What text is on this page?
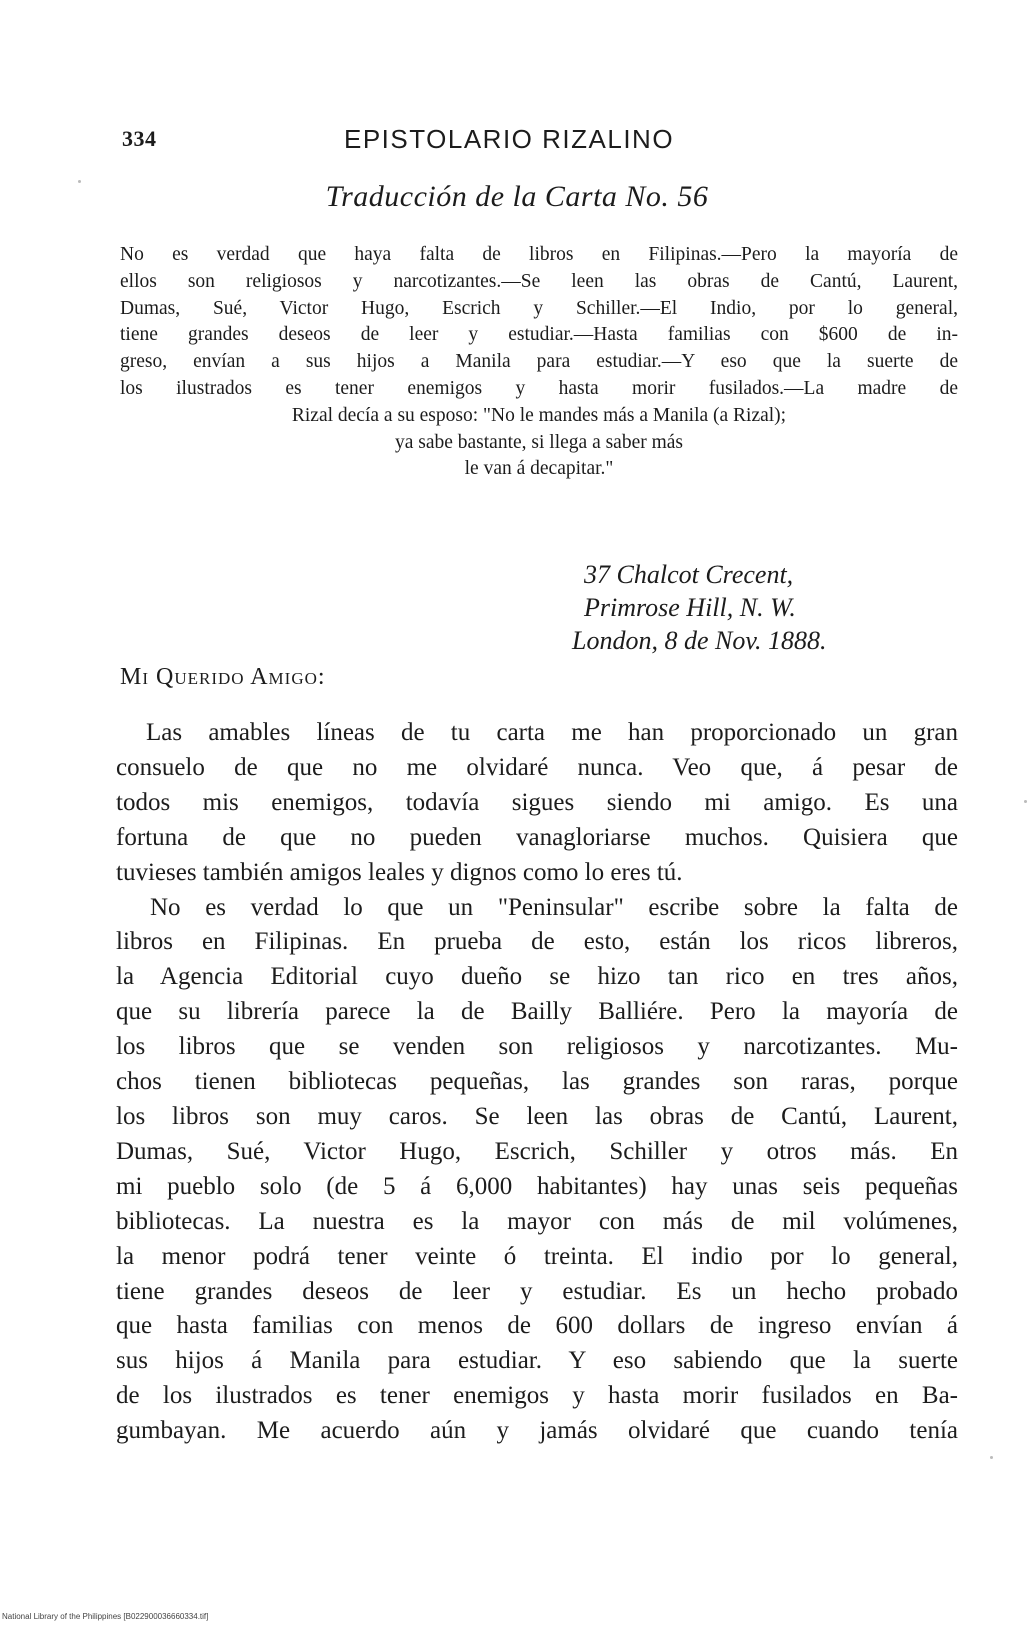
334	EPISTOLARIO RIZALINO
Traducción de la Carta No. 56
No es verdad que haya falta de libros en Filipinas.—Pero la mayoría de
ellos son religiosos y narcotizantes.—Se leen las obras de Cantú, Laurent,
Dumas, Sué, Victor Hugo, Escrich y Schiller.—El Indio, por lo general,
tiene grandes deseos de leer y estudiar.—Hasta familias con $600 de in-
greso, envían a sus hijos a Manila para estudiar.—Y eso que la suerte de
los ilustrados es tener enemigos y hasta morir fusilados.—La madre de
Rizal decía a su esposo: "No le mandes más a Manila (a Rizal);
ya sabe bastante, si llega a saber más
le van á decapitar."
37 Chalcot Crecent,
Primrose Hill, N. W.
London, 8 de Nov. 1888.
Mi Querido Amigo:
Las amables líneas de tu carta me han proporcionado un gran
consuelo de que no me olvidaré nunca. Veo que, á pesar de
todos mis enemigos, todavía sigues siendo mi amigo. Es una
fortuna de que no pueden vanagloriarse muchos. Quisiera que
tuvieses también amigos leales y dignos como lo eres tú.
No es verdad lo que un "Peninsular" escribe sobre la falta de
libros en Filipinas. En prueba de esto, están los ricos libreros,
la Agencia Editorial cuyo dueño se hizo tan rico en tres años,
que su librería parece la de Bailly Balliére. Pero la mayoría de
los libros que se venden son religiosos y narcotizantes. Mu-
chos tienen bibliotecas pequeñas, las grandes son raras, porque
los libros son muy caros. Se leen las obras de Cantú, Laurent,
Dumas, Sué, Victor Hugo, Escrich, Schiller y otros más. En
mi pueblo solo (de 5 á 6,000 habitantes) hay unas seis pequeñas
bibliotecas. La nuestra es la mayor con más de mil volúmenes,
la menor podrá tener veinte ó treinta. El indio por lo general,
tiene grandes deseos de leer y estudiar. Es un hecho probado
que hasta familias con menos de 600 dollars de ingreso envían á
sus hijos á Manila para estudiar. Y eso sabiendo que la suerte
de los ilustrados es tener enemigos y hasta morir fusilados en Ba-
gumbayan. Me acuerdo aún y jamás olvidaré que cuando tenía
National Library of the Philippines [B022900036660334.tif]
